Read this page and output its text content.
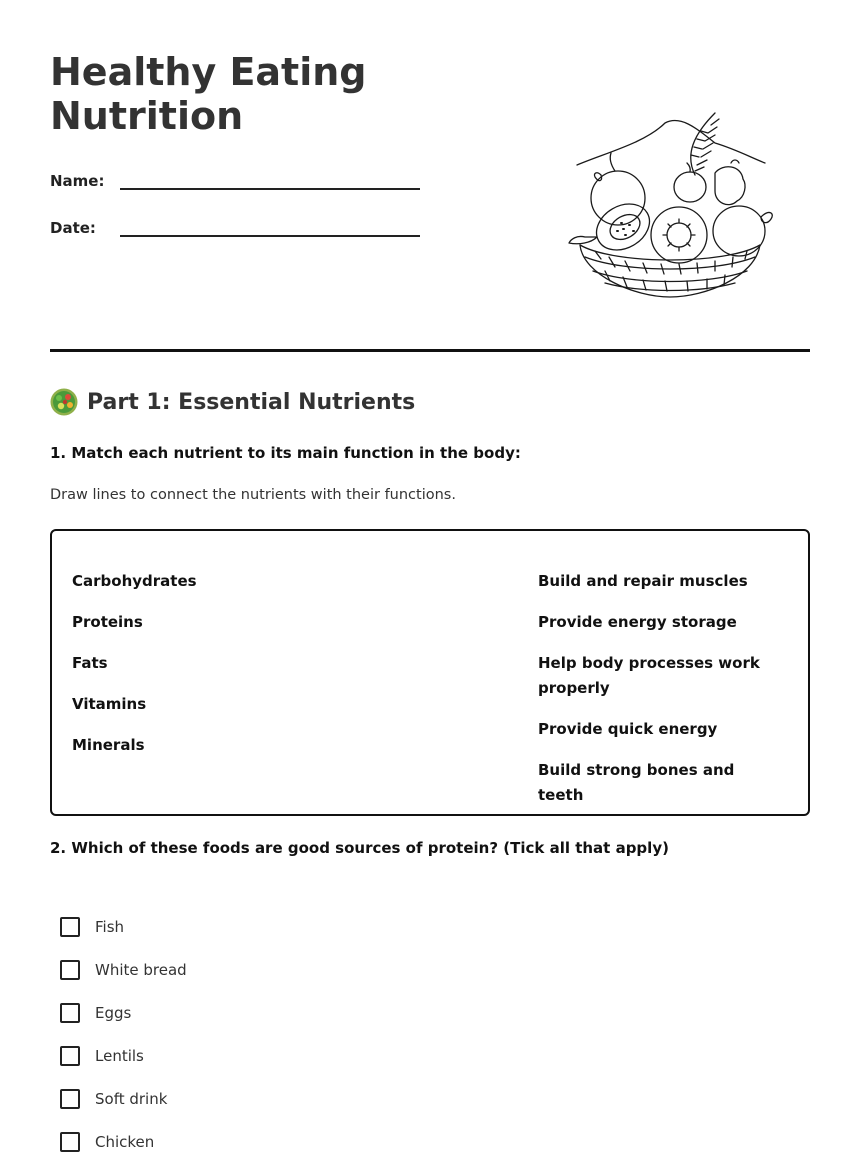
Healthy Eating
Nutrition
Name:
Date:
Part 1: Essential Nutrients
1. Match each nutrient to its main function in the body:
Draw lines to connect the nutrients with their functions.
Carbohydrates
Proteins
Fats
Vitamins
Minerals
Build and repair muscles
Provide energy storage
Help body processes work properly
Provide quick energy
Build strong bones and teeth
2. Which of these foods are good sources of protein? (Tick all that apply)
Fish
White bread
Eggs
Lentils
Soft drink
Chicken
